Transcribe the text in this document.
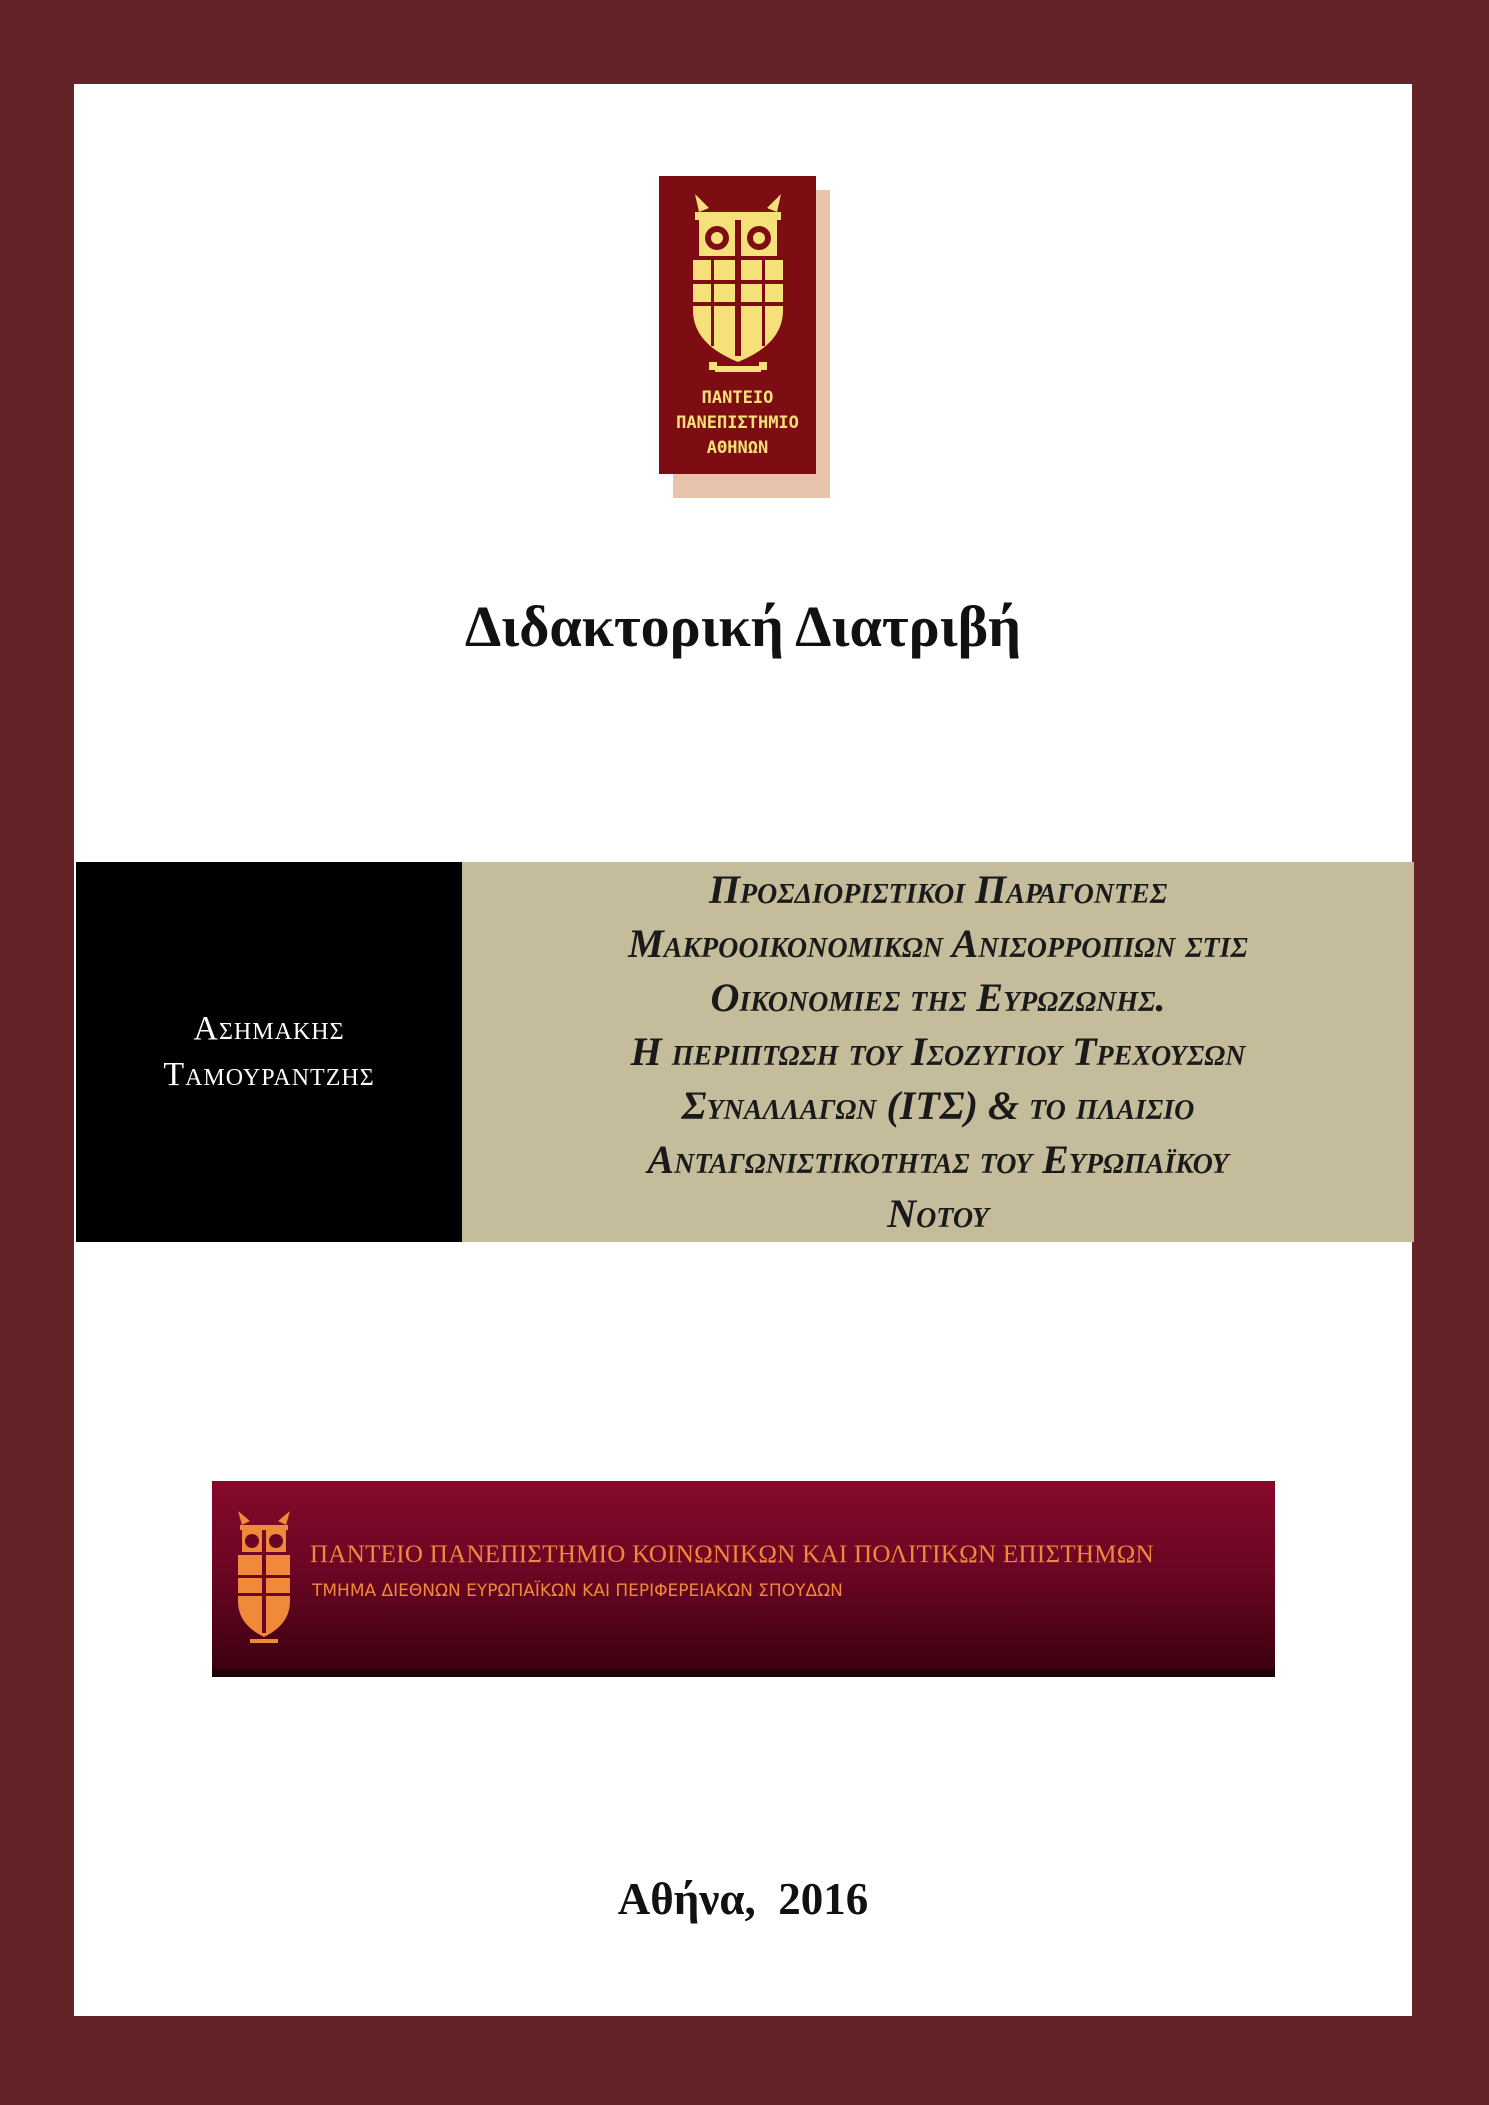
ΠΑΝΤΕΙΟ
ΠΑΝΕΠΙΣΤΗΜΙΟ
ΑΘΗΝΩΝ
Διδακτορική Διατριβή
Ασημακησ
Ταμουραντζησ
Προσδιοριστικοι Παραγοντεσ
Μακροοικονομικων Ανισορροπιων στισ
Οικονομιεσ τησ Ευρωζωνησ.
Η περιπτωση του Ισοζυγιου Τρεχουσων
Συναλλαγων (ΙΤΣ) & το πλαισιο
Ανταγωνιστικοτητασ του Ευρωπαϊκου
Νοτου
ΠΑΝΤΕΙΟ ΠΑΝΕΠΙΣΤΗΜΙΟ ΚΟΙΝΩΝΙΚΩΝ ΚΑΙ ΠΟΛΙΤΙΚΩΝ ΕΠΙΣΤΗΜΩΝ
ΤΜΗΜΑ ΔΙΕΘΝΩΝ ΕΥΡΩΠΑΪΚΩΝ ΚΑΙ ΠΕΡΙΦΕΡΕΙΑΚΩΝ ΣΠΟΥΔΩΝ
Αθήνα,  2016
